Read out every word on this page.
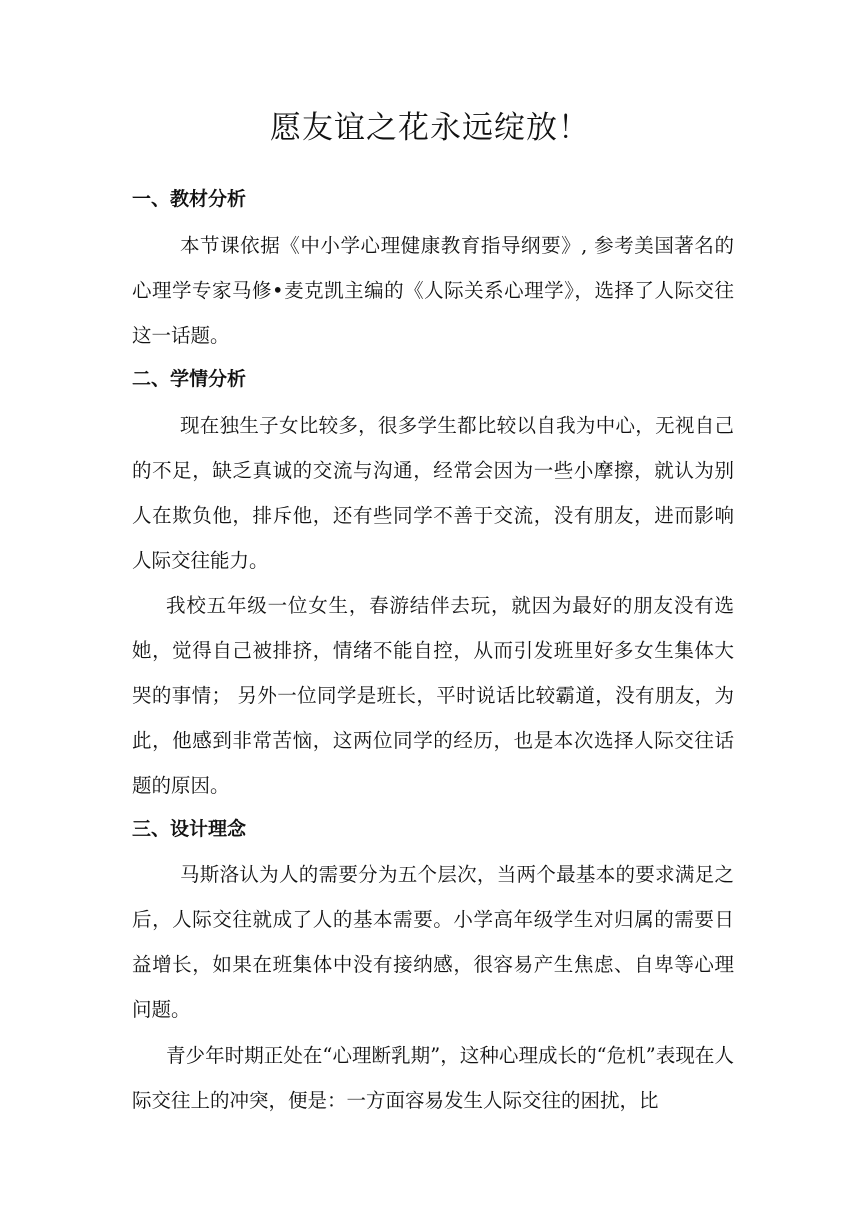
愿友谊之花永远绽放！
一、教材分析

本节课依据《中小学心理健康教育指导纲要》, 参考美国著名的心理学专家马修•麦克凯主编的《人际关系心理学》，选择了人际交往这一话题。

二、学情分析

现在独生子女比较多，很多学生都比较以自我为中心，无视自己的不足，缺乏真诚的交流与沟通，经常会因为一些小摩擦，就认为别人在欺负他，排斥他，还有些同学不善于交流，没有朋友，进而影响人际交往能力。

我校五年级一位女生，春游结伴去玩，就因为最好的朋友没有选她，觉得自己被排挤，情绪不能自控，从而引发班里好多女生集体大哭的事情； 另外一位同学是班长，平时说话比较霸道，没有朋友，为此，他感到非常苦恼，这两位同学的经历，也是本次选择人际交往话题的原因。

三、设计理念

马斯洛认为人的需要分为五个层次，当两个最基本的要求满足之后，人际交往就成了人的基本需要。小学高年级学生对归属的需要日益增长，如果在班集体中没有接纳感，很容易产生焦虑、自卑等心理问题。

青少年时期正处在“心理断乳期”，这种心理成长的“危机”表现在人际交往上的冲突，便是：一方面容易发生人际交往的困扰，比
